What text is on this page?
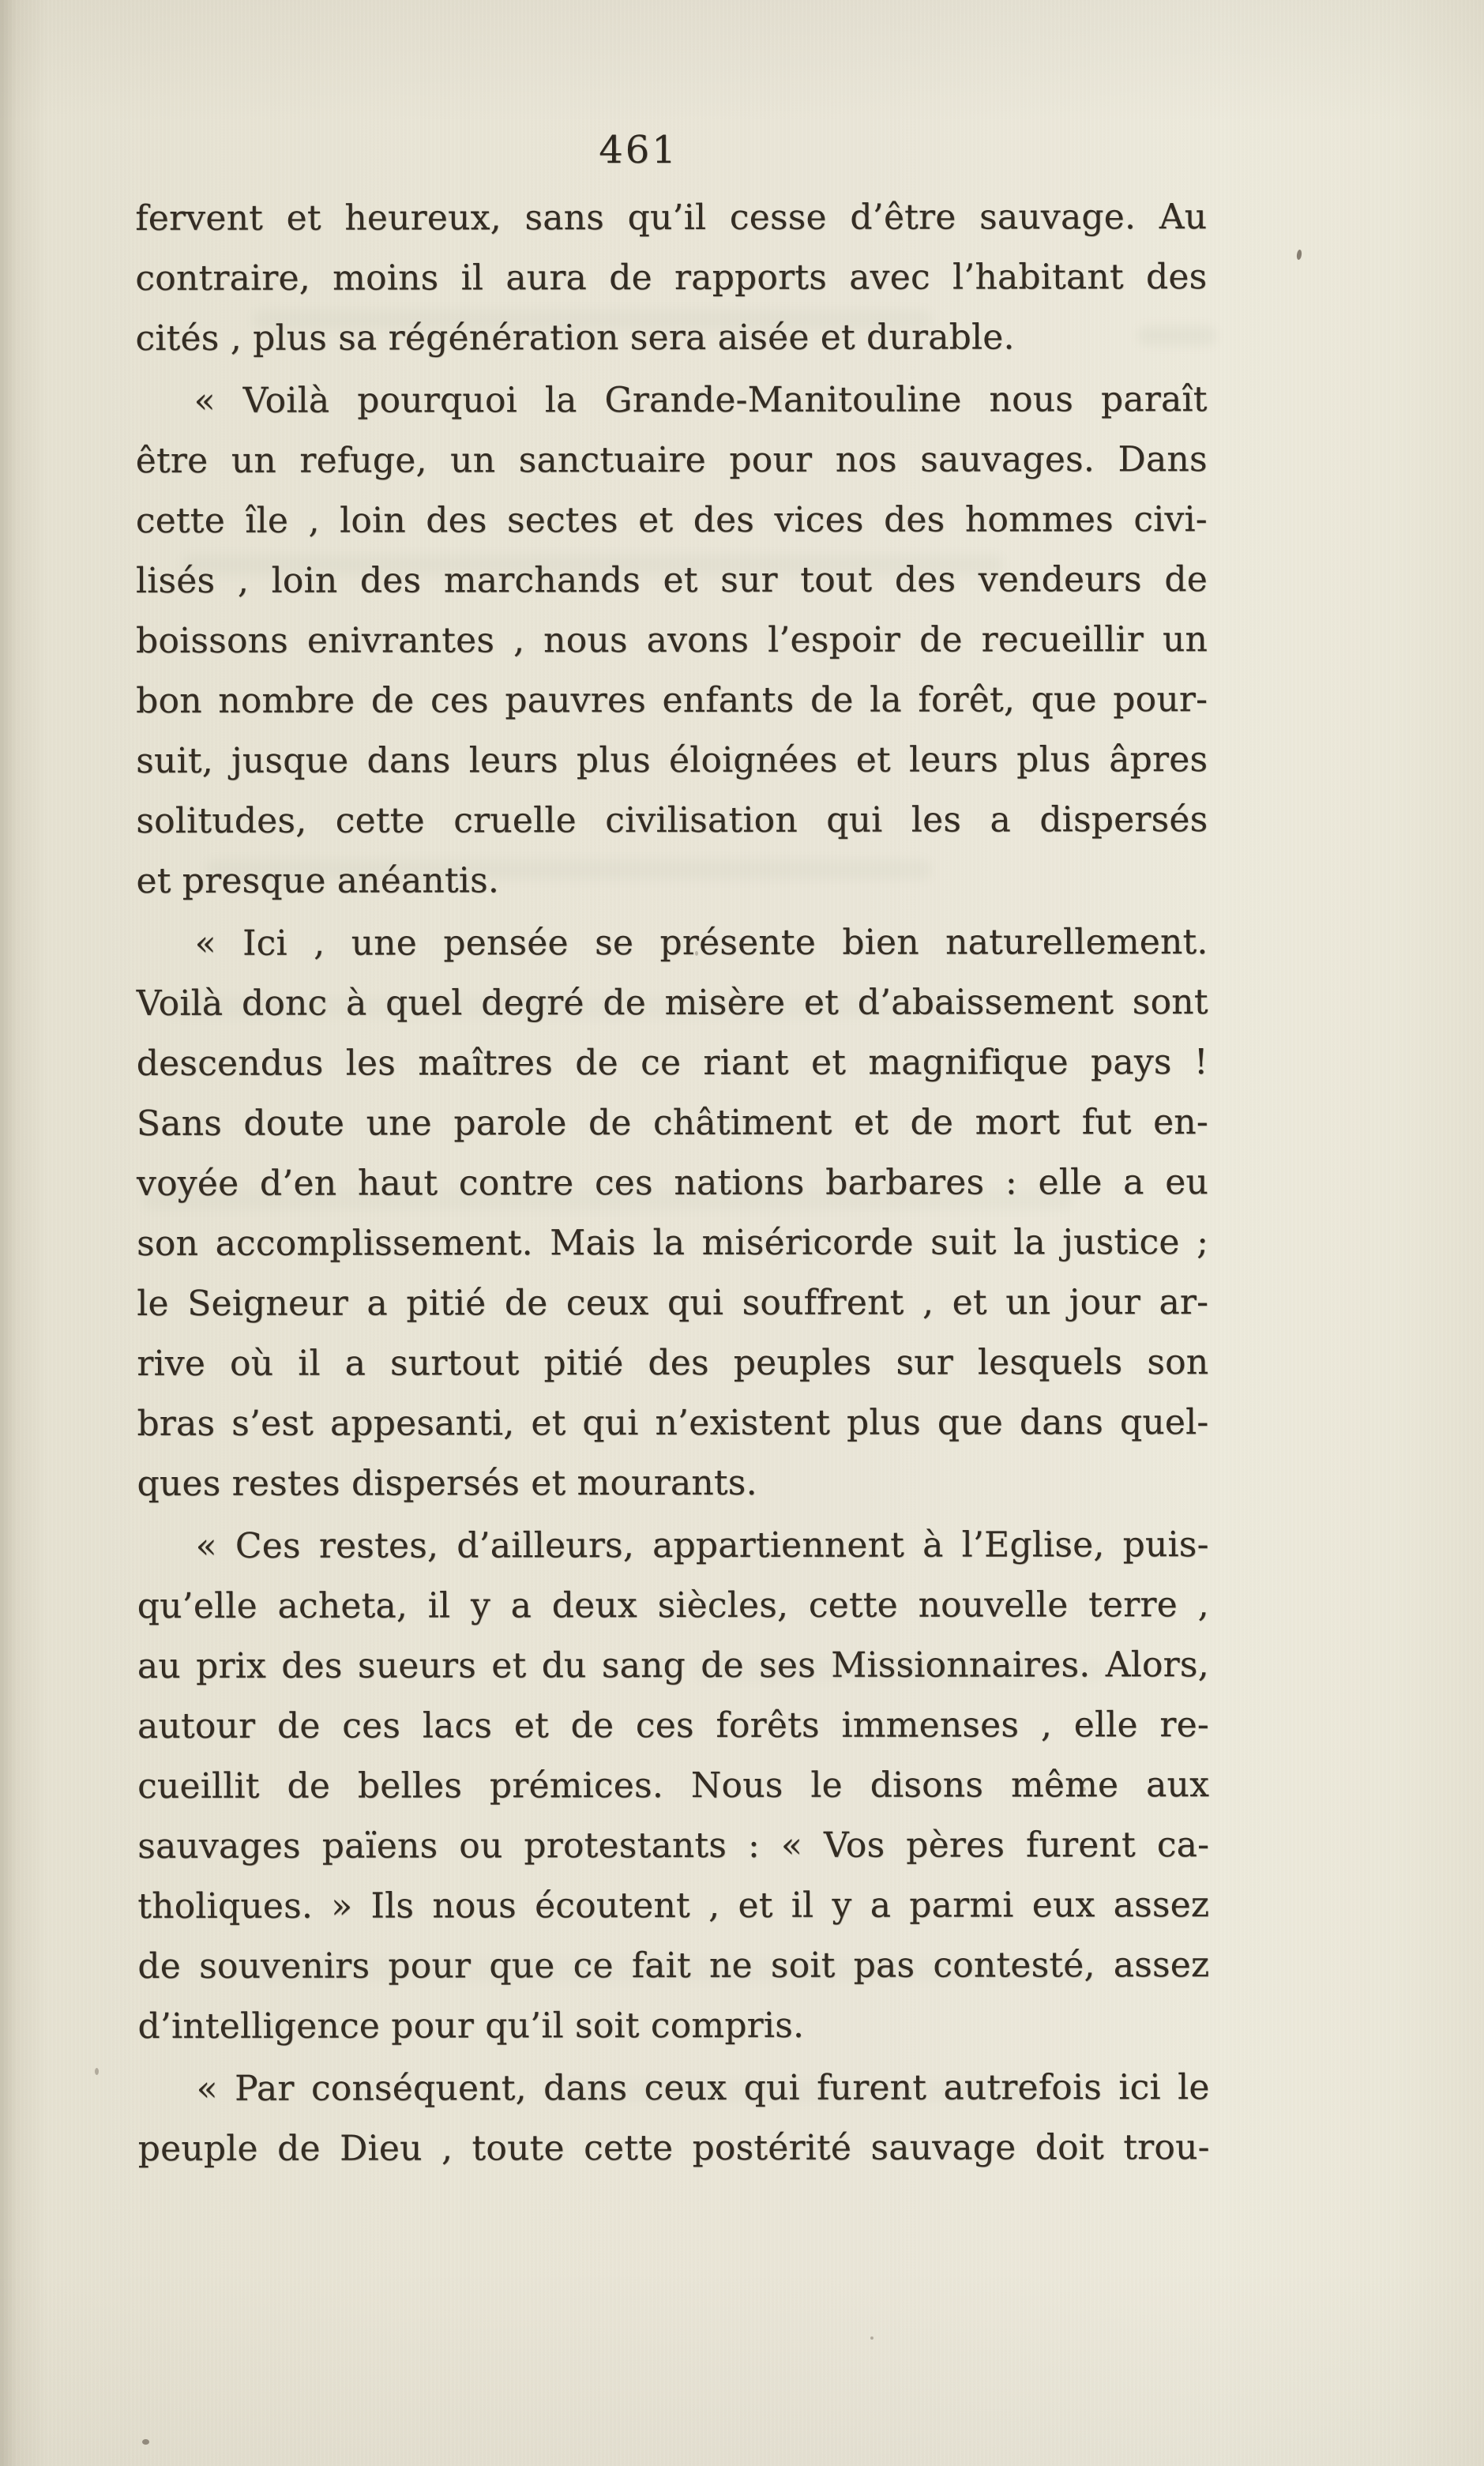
461
fervent et heureux, sans qu’il cesse d’être sauvage. Au
contraire, moins il aura de rapports avec l’habitant des
cités , plus sa régénération sera aisée et durable.
« Voilà pourquoi la Grande-Manitouline nous paraît
être un refuge, un sanctuaire pour nos sauvages. Dans
cette île , loin des sectes et des vices des hommes civi-
lisés , loin des marchands et sur tout des vendeurs de
boissons enivrantes , nous avons l’espoir de recueillir un
bon nombre de ces pauvres enfants de la forêt, que pour-
suit, jusque dans leurs plus éloignées et leurs plus âpres
solitudes, cette cruelle civilisation qui les a dispersés
et presque anéantis.
« Ici , une pensée se présente bien naturellement.
Voilà donc à quel degré de misère et d’abaissement sont
descendus les maîtres de ce riant et magnifique pays !
Sans doute une parole de châtiment et de mort fut en-
voyée d’en haut contre ces nations barbares : elle a eu
son accomplissement. Mais la miséricorde suit la justice ;
le Seigneur a pitié de ceux qui souffrent , et un jour ar-
rive où il a surtout pitié des peuples sur lesquels son
bras s’est appesanti, et qui n’existent plus que dans quel-
ques restes dispersés et mourants.
« Ces restes, d’ailleurs, appartiennent à l’Eglise, puis-
qu’elle acheta, il y a deux siècles, cette nouvelle terre ,
au prix des sueurs et du sang de ses Missionnaires. Alors,
autour de ces lacs et de ces forêts immenses , elle re-
cueillit de belles prémices. Nous le disons même aux
sauvages païens ou protestants : « Vos pères furent ca-
tholiques. » Ils nous écoutent , et il y a parmi eux assez
de souvenirs pour que ce fait ne soit pas contesté, assez
d’intelligence pour qu’il soit compris.
« Par conséquent, dans ceux qui furent autrefois ici le
peuple de Dieu , toute cette postérité sauvage doit trou-
